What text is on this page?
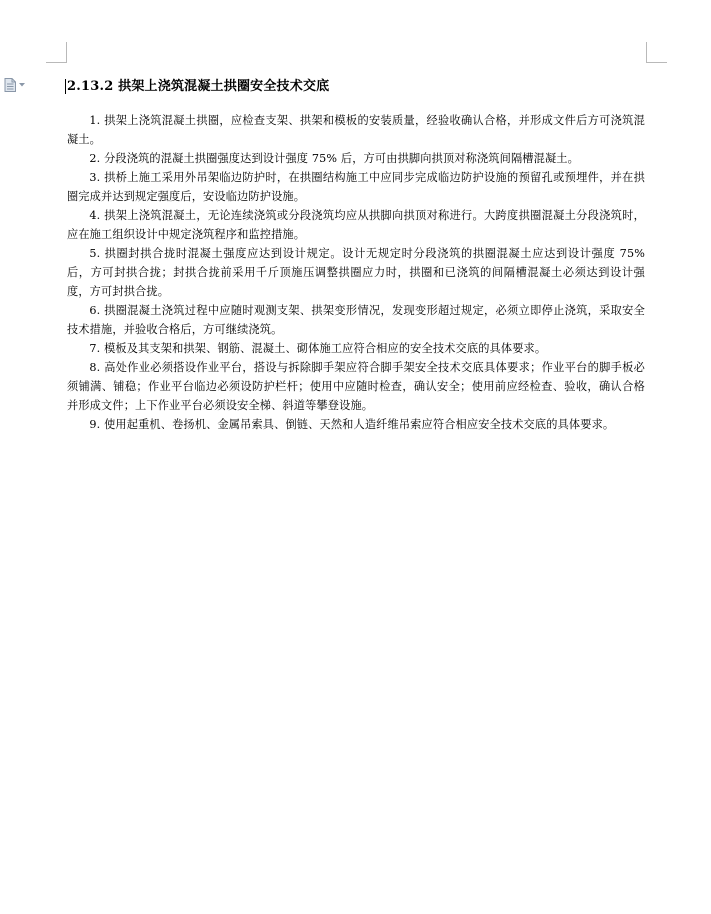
2.13.2 拱架上浇筑混凝土拱圈安全技术交底

1. 拱架上浇筑混凝土拱圈，应检查支架、拱架和模板的安装质量，经验收确认合格，并形成文件后方可浇筑混凝土。

2. 分段浇筑的混凝土拱圈强度达到设计强度 75% 后，方可由拱脚向拱顶对称浇筑间隔槽混凝土。

3. 拱桥上施工采用外吊架临边防护时，在拱圈结构施工中应同步完成临边防护设施的预留孔或预埋件，并在拱圈完成并达到规定强度后，安设临边防护设施。

4. 拱架上浇筑混凝土，无论连续浇筑或分段浇筑均应从拱脚向拱顶对称进行。大跨度拱圈混凝土分段浇筑时，应在施工组织设计中规定浇筑程序和监控措施。

5. 拱圈封拱合拢时混凝土强度应达到设计规定。设计无规定时分段浇筑的拱圈混凝土应达到设计强度 75% 后，方可封拱合拢；封拱合拢前采用千斤顶施压调整拱圈应力时，拱圈和已浇筑的间隔槽混凝土必须达到设计强度，方可封拱合拢。

6. 拱圈混凝土浇筑过程中应随时观测支架、拱架变形情况，发现变形超过规定，必须立即停止浇筑，采取安全技术措施，并验收合格后，方可继续浇筑。

7. 模板及其支架和拱架、钢筋、混凝土、砌体施工应符合相应的安全技术交底的具体要求。

8. 高处作业必须搭设作业平台，搭设与拆除脚手架应符合脚手架安全技术交底具体要求；作业平台的脚手板必须铺满、铺稳；作业平台临边必须设防护栏杆；使用中应随时检查，确认安全；使用前应经检查、验收，确认合格并形成文件；上下作业平台必须设安全梯、斜道等攀登设施。

9. 使用起重机、卷扬机、金属吊索具、倒链、天然和人造纤维吊索应符合相应安全技术交底的具体要求。
